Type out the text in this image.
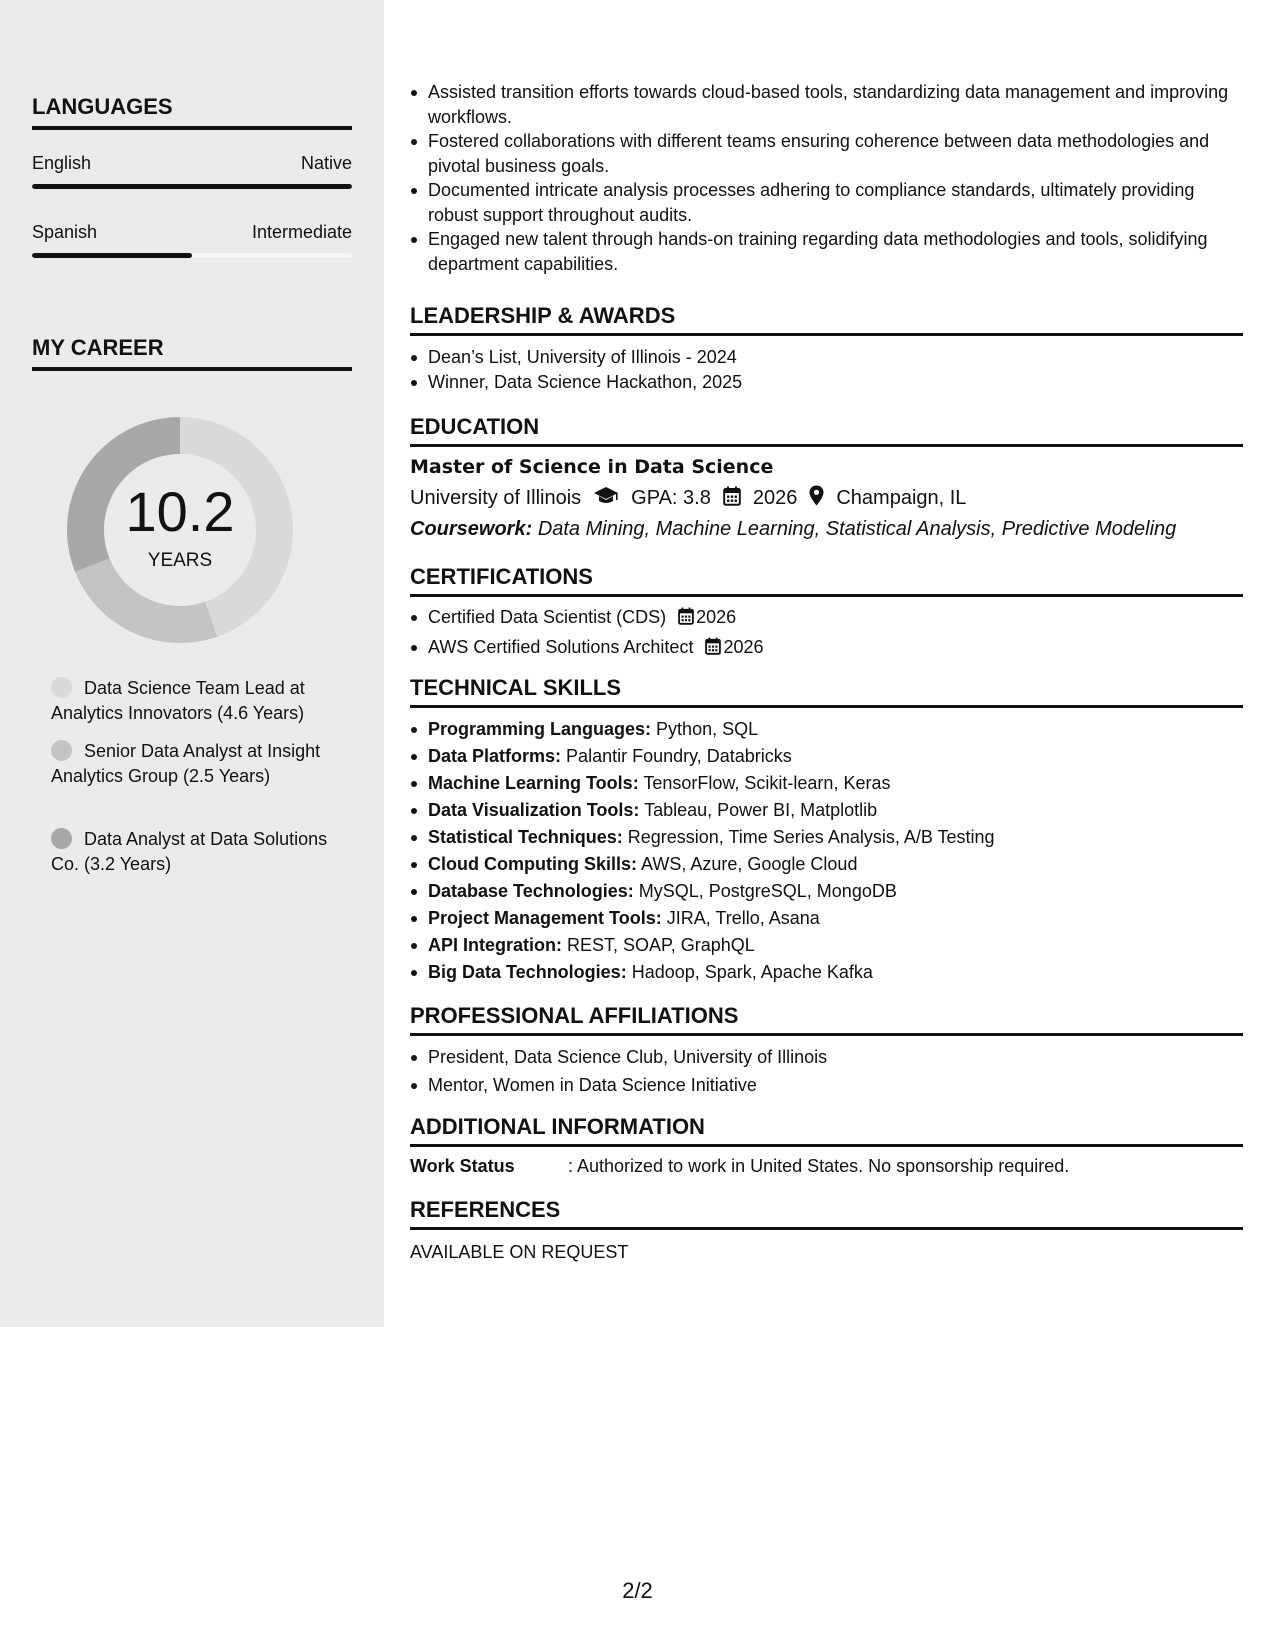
LANGUAGES
English	Native
Spanish	Intermediate
MY CAREER
10.2
YEARS
Data Science Team Lead at Analytics Innovators (4.6 Years)
Senior Data Analyst at Insight Analytics Group (2.5 Years)
Data Analyst at Data Solutions Co. (3.2 Years)
Assisted transition efforts towards cloud-based tools, standardizing data management and improving workflows.
Fostered collaborations with different teams ensuring coherence between data methodologies and pivotal business goals.
Documented intricate analysis processes adhering to compliance standards, ultimately providing robust support throughout audits.
Engaged new talent through hands-on training regarding data methodologies and tools, solidifying department capabilities.
LEADERSHIP & AWARDS
Dean’s List, University of Illinois - 2024
Winner, Data Science Hackathon, 2025
EDUCATION
Master of Science in Data Science
University of Illinois	GPA: 3.8 2026 Champaign, IL
Coursework: Data Mining, Machine Learning, Statistical Analysis, Predictive Modeling
CERTIFICATIONS
Certified Data Scientist (CDS) 2026
AWS Certified Solutions Architect 2026
TECHNICAL SKILLS
Programming Languages: Python, SQL
Data Platforms: Palantir Foundry, Databricks
Machine Learning Tools: TensorFlow, Scikit-learn, Keras
Data Visualization Tools: Tableau, Power BI, Matplotlib
Statistical Techniques: Regression, Time Series Analysis, A/B Testing
Cloud Computing Skills: AWS, Azure, Google Cloud
Database Technologies: MySQL, PostgreSQL, MongoDB
Project Management Tools: JIRA, Trello, Asana
API Integration: REST, SOAP, GraphQL
Big Data Technologies: Hadoop, Spark, Apache Kafka
PROFESSIONAL AFFILIATIONS
President, Data Science Club, University of Illinois
Mentor, Women in Data Science Initiative
ADDITIONAL INFORMATION
Work Status	: Authorized to work in United States. No sponsorship required.
REFERENCES
AVAILABLE ON REQUEST
2/2
